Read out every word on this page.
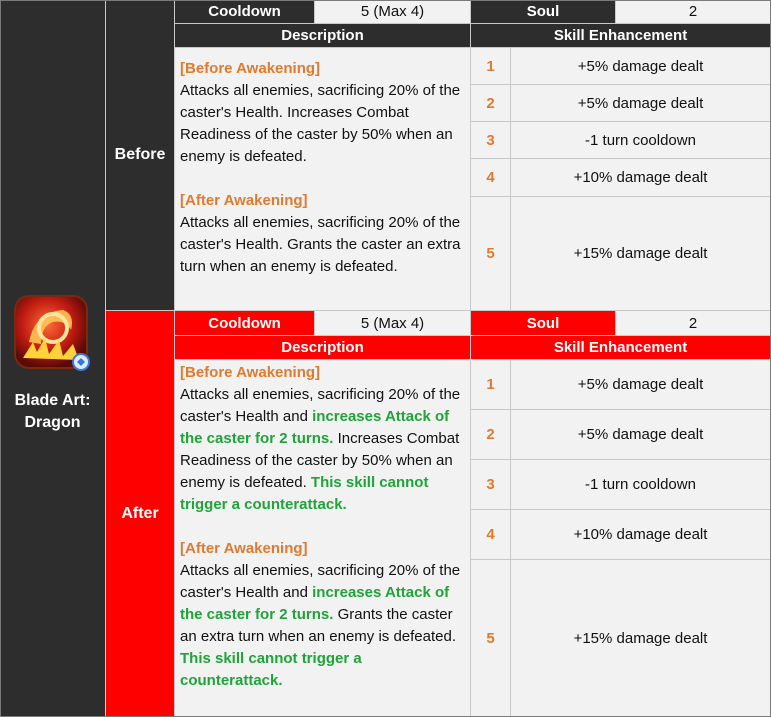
Blade Art: Dragon
Before
Cooldown	5 (Max 4)	Soul	2
Description	Skill Enhancement

[Before Awakening]
Attacks all enemies, sacrificing 20% of the caster's Health. Increases Combat Readiness of the caster by 50% when an enemy is defeated.

[After Awakening]
Attacks all enemies, sacrificing 20% of the caster's Health. Grants the caster an extra turn when an enemy is defeated.

1	+5% damage dealt
2	+5% damage dealt
3	-1 turn cooldown
4	+10% damage dealt
5	+15% damage dealt
After
Cooldown	5 (Max 4)	Soul	2
Description	Skill Enhancement

[Before Awakening]
Attacks all enemies, sacrificing 20% of the caster's Health and increases Attack of the caster for 2 turns. Increases Combat Readiness of the caster by 50% when an enemy is defeated. This skill cannot trigger a counterattack.

[After Awakening]
Attacks all enemies, sacrificing 20% of the caster's Health and increases Attack of the caster for 2 turns. Grants the caster an extra turn when an enemy is defeated. This skill cannot trigger a counterattack.

1	+5% damage dealt
2	+5% damage dealt
3	-1 turn cooldown
4	+10% damage dealt
5	+15% damage dealt
